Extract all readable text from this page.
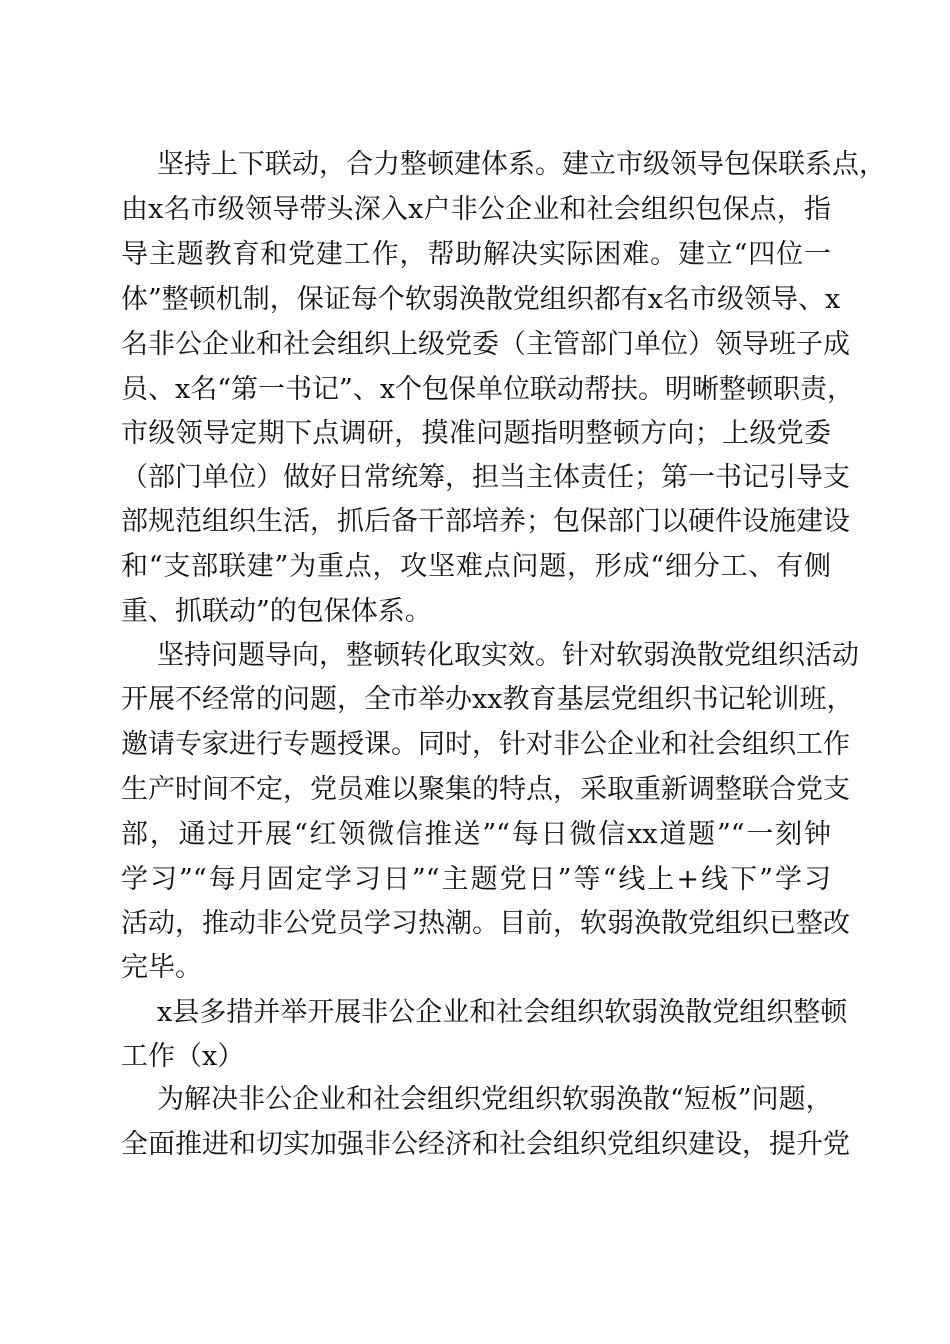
坚持上下联动，合力整顿建体系。建立市级领导包保联系点，
由x名市级领导带头深入x户非公企业和社会组织包保点，指
导主题教育和党建工作，帮助解决实际困难。建立“四位一
体”整顿机制，保证每个软弱涣散党组织都有x名市级领导、x
名非公企业和社会组织上级党委（主管部门单位）领导班子成
员、x名“第一书记”、x个包保单位联动帮扶。明晰整顿职责，
市级领导定期下点调研，摸准问题指明整顿方向；上级党委
（部门单位）做好日常统筹，担当主体责任；第一书记引导支
部规范组织生活，抓后备干部培养；包保部门以硬件设施建设
和“支部联建”为重点，攻坚难点问题，形成“细分工、有侧
重、抓联动”的包保体系。
坚持问题导向，整顿转化取实效。针对软弱涣散党组织活动
开展不经常的问题，全市举办xx教育基层党组织书记轮训班，
邀请专家进行专题授课。同时，针对非公企业和社会组织工作
生产时间不定，党员难以聚集的特点，采取重新调整联合党支
部，通过开展“红领微信推送”“每日微信xx道题”“一刻钟
学习”“每月固定学习日”“主题党日”等“线上+线下”学习
活动，推动非公党员学习热潮。目前，软弱涣散党组织已整改
完毕。
x县多措并举开展非公企业和社会组织软弱涣散党组织整顿
工作（x）
为解决非公企业和社会组织党组织软弱涣散“短板”问题，
全面推进和切实加强非公经济和社会组织党组织建设，提升党
